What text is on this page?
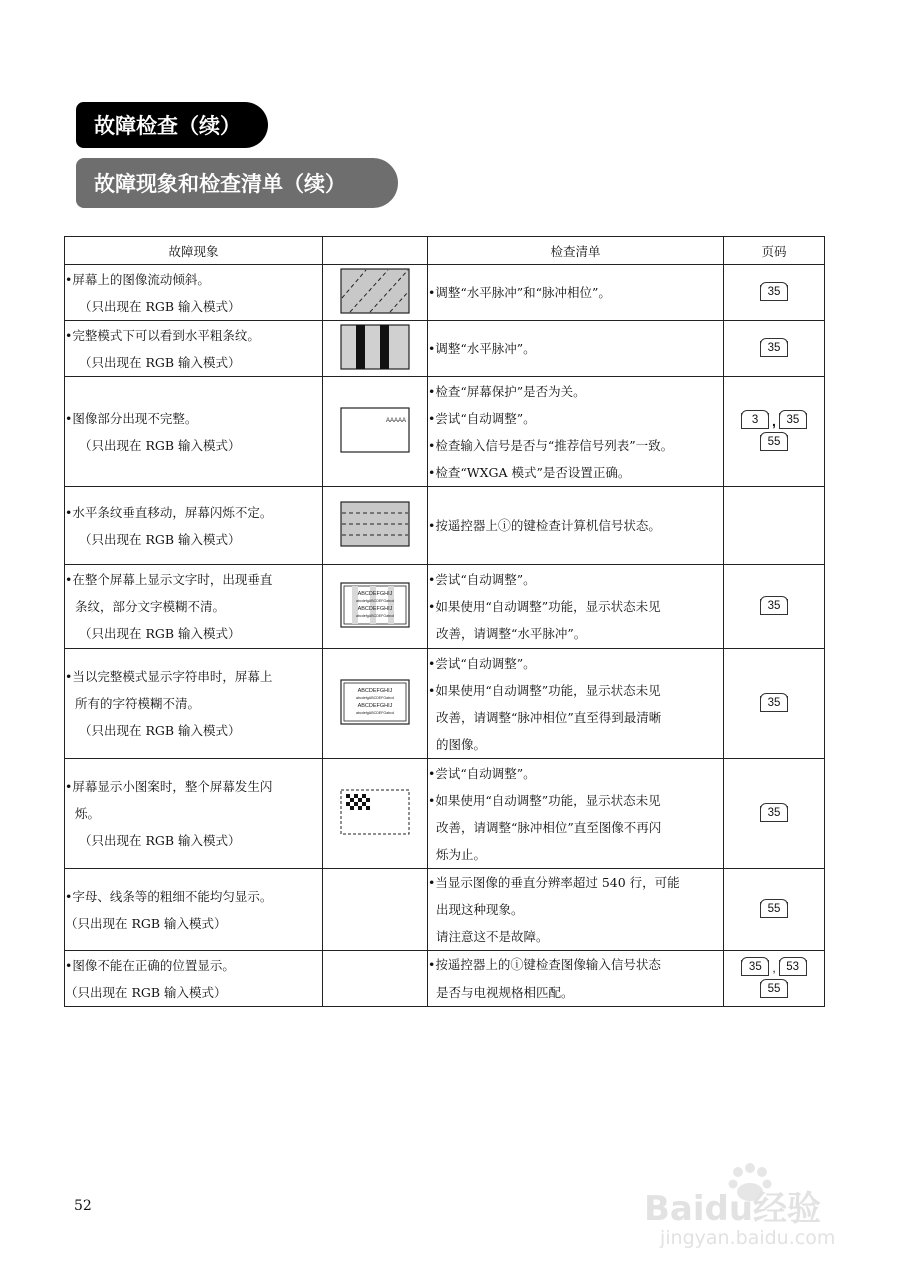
故障检查（续）
故障现象和检查清单（续）
故障现象		检查清单	页码

•屏幕上的图像流动倾斜。
（只出现在 RGB 输入模式）		•调整“水平脉冲”和“脉冲相位”。	35

•完整模式下可以看到水平粗条纹。
（只出现在 RGB 输入模式）		•调整“水平脉冲”。	35

•图像部分出现不完整。
（只出现在 RGB 输入模式）	AAAAA	•检查“屏幕保护”是否为关。
•尝试“自动调整”。
•检查输入信号是否与“推荐信号列表”一致。
•检查“WXGA 模式”是否设置正确。	3 , 35
55

•水平条纹垂直移动，屏幕闪烁不定。
（只出现在 RGB 输入模式）		•按遥控器上ⓘ的键检查计算机信号状态。	

•在整个屏幕上显示文字时，出现垂直
条纹，部分文字模糊不清。
（只出现在 RGB 输入模式）	ABCDEFGHIJ
abcdefgABCDEFGabcd
ABCDEFGHIJ
abcdefgABCDEFGabcd	•尝试“自动调整”。
•如果使用“自动调整”功能，显示状态未见
改善，请调整“水平脉冲”。	35

•当以完整模式显示字符串时，屏幕上
所有的字符模糊不清。
（只出现在 RGB 输入模式）	ABCDEFGHIJ
abcdefgABCDEFGabcd
ABCDEFGHIJ
abcdefgABCDEFGabcd	•尝试“自动调整”。
•如果使用“自动调整”功能，显示状态未见
改善，请调整“脉冲相位”直至得到最清晰
的图像。	35

•屏幕显示小图案时，整个屏幕发生闪
烁。
（只出现在 RGB 输入模式）		•尝试“自动调整”。
•如果使用“自动调整”功能，显示状态未见
改善，请调整“脉冲相位”直至图像不再闪
烁为止。	35

•字母、线条等的粗细不能均匀显示。
（只出现在 RGB 输入模式）		•当显示图像的垂直分辨率超过 540 行，可能
出现这种现象。
请注意这不是故障。	55

•图像不能在正确的位置显示。
（只出现在 RGB 输入模式）		•按遥控器上的ⓘ键检查图像输入信号状态
是否与电视规格相匹配。	35 , 53
55
52	Baidu经验
jingyan.baidu.com
